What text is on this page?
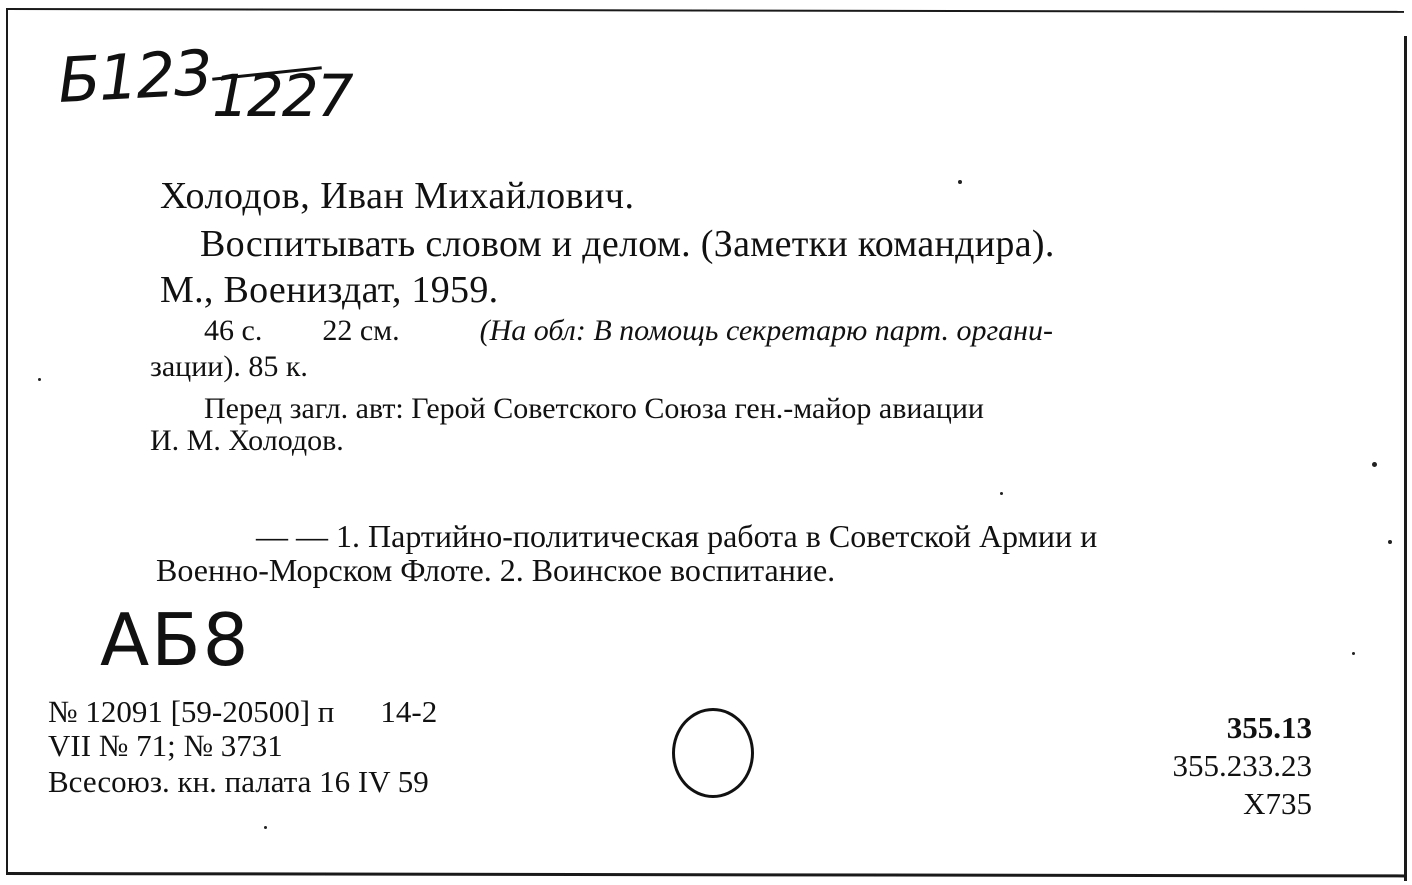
Б123 1227
Холодов, Иван Михайлович.
Воспитывать словом и делом. (Заметки командира).
М., Воениздат, 1959.
46 с. 22 см.	(На обл: В помощь секретарю парт. органи-
зации). 85 к.
Перед загл. авт: Герой Советского Союза ген.-майор авиации
И. М. Холодов.
— — 1. Партийно-политическая работа в Советской Армии и
Военно-Морском Флоте. 2. Воинское воспитание.
АБ8
№ 12091 [59-20500] п 14-2
VII № 71; № 3731
Всесоюз. кн. палата 16 IV 59
355.13
355.233.23
Х735
